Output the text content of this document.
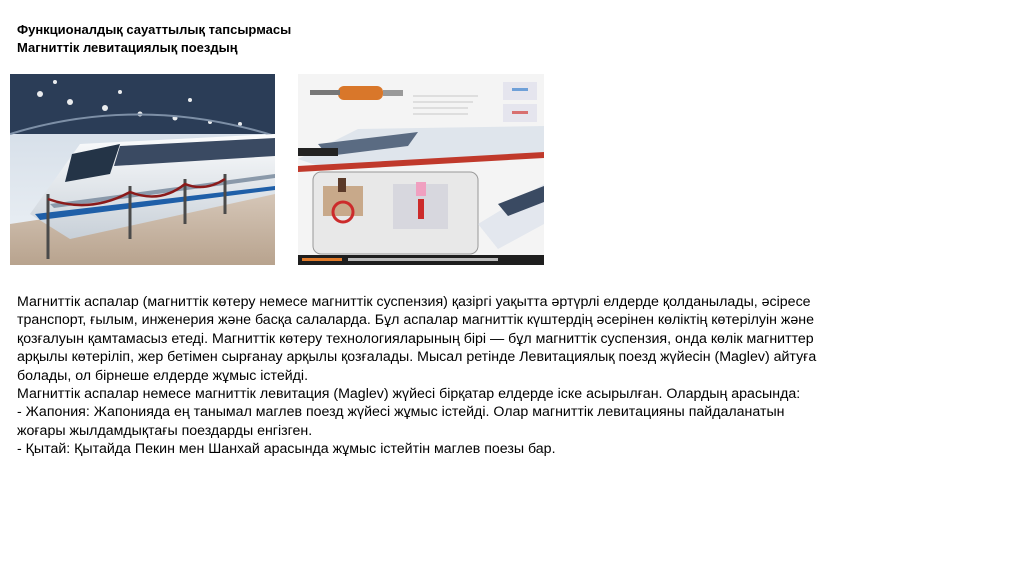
Функционалдық сауаттылық тапсырмасы
Магниттік левитациялық поездың

Магниттік аспалар (магниттік көтеру немесе магниттік суспензия) қазіргі уақытта әртүрлі елдерде қолданылады, әсіресе

транспорт, ғылым, инженерия және басқа салаларда. Бұл аспалар магниттік күштердің әсерінен көліктің көтерілуін және

қозғалуын қамтамасыз етеді. Магниттік көтеру технологияларының бірі — бұл магниттік суспензия, онда көлік магниттер

арқылы көтеріліп, жер бетімен сырғанау арқылы қозғалады. Мысал ретінде Левитациялық поезд жүйесін (Maglev) айтуға

болады, ол бірнеше елдерде жұмыс істейді.

Магниттік аспалар немесе магниттік левитация (Maglev) жүйесі бірқатар елдерде іске асырылған. Олардың арасында:

- Жапония: Жапонияда ең танымал маглев поезд жүйесі жұмыс істейді. Олар магниттік левитацияны пайдаланатын

жоғары жылдамдықтағы поездарды енгізген.

- Қытай: Қытайда Пекин мен Шанхай арасында жұмыс істейтін маглев поезы бар.
